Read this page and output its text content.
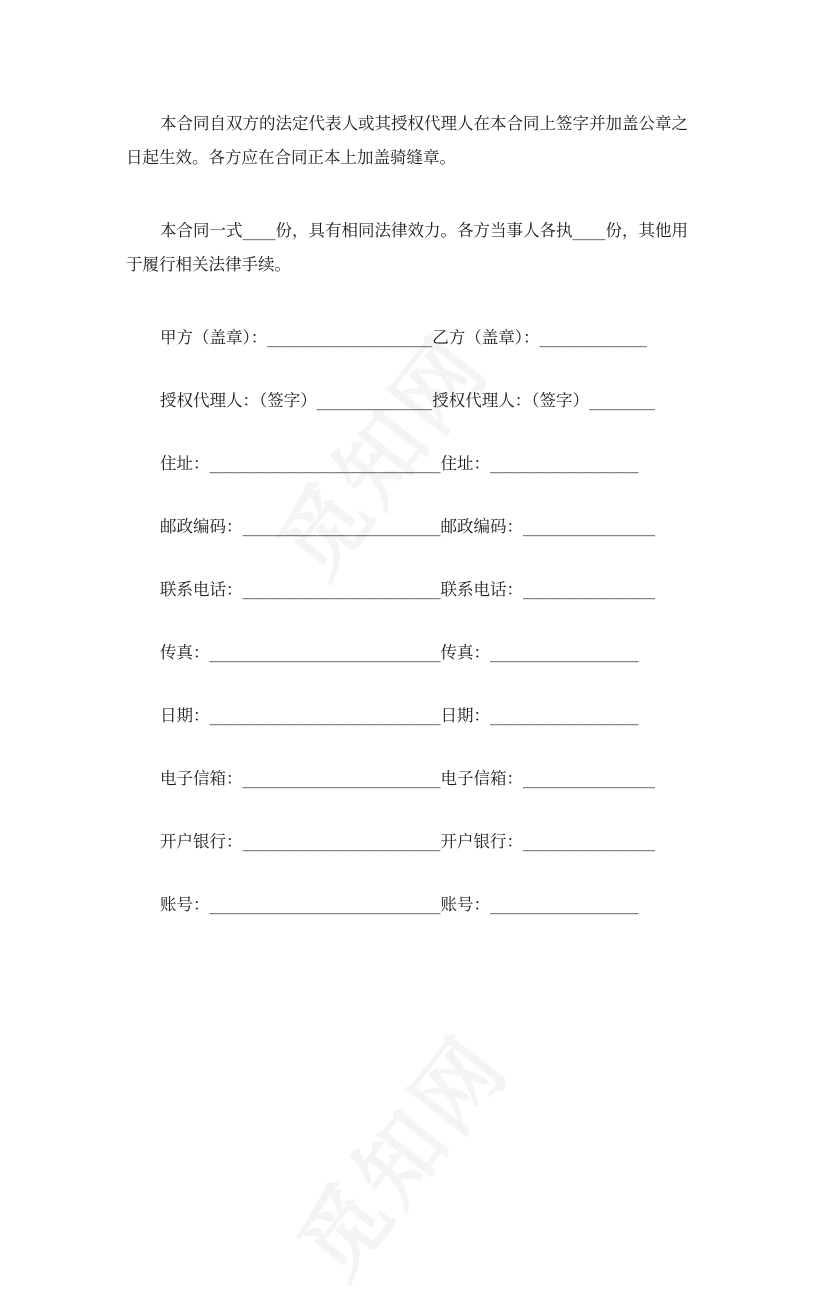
本合同自双方的法定代表人或其授权代理人在本合同上签字并加盖公章之
日起生效。各方应在合同正本上加盖骑缝章。

本合同一式____份，具有相同法律效力。各方当事人各执____份，其他用
于履行相关法律手续。

甲方（盖章）：____________________乙方（盖章）：_____________

授权代理人：（签字）______________授权代理人：（签字）________

住址：____________________________住址：__________________

邮政编码：________________________邮政编码：________________

联系电话：________________________联系电话：________________

传真：____________________________传真：__________________

日期：____________________________日期：__________________

电子信箱：________________________电子信箱：________________

开户银行：________________________开户银行：________________

账号：____________________________账号：__________________
